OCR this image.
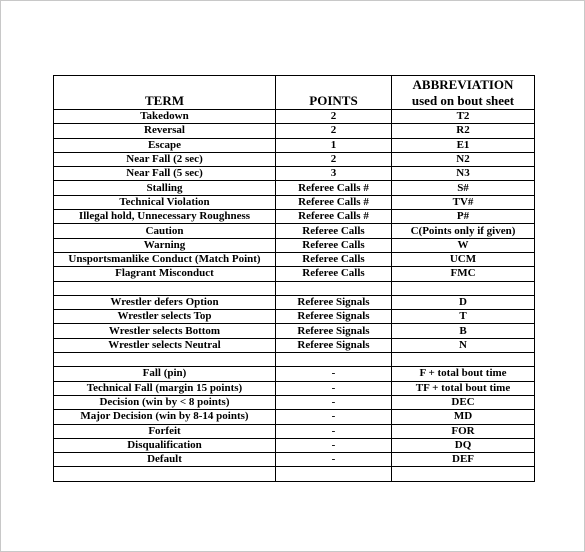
TERM	POINTS	ABBREVIATION
used on bout sheet

Takedown	2	T2
Reversal	2	R2
Escape	1	E1
Near Fall (2 sec)	2	N2
Near Fall (5 sec)	3	N3
Stalling	Referee Calls #	S#
Technical Violation	Referee Calls #	TV#
Illegal hold, Unnecessary Roughness	Referee Calls #	P#
Caution	Referee Calls	C(Points only if given)
Warning	Referee Calls	W
Unsportsmanlike Conduct (Match Point)	Referee Calls	UCM
Flagrant Misconduct	Referee Calls	FMC

Wrestler defers Option	Referee Signals	D
Wrestler selects Top	Referee Signals	T
Wrestler selects Bottom	Referee Signals	B
Wrestler selects Neutral	Referee Signals	N

Fall (pin)	-	F + total bout time
Technical Fall (margin 15 points)	-	TF + total bout time
Decision (win by < 8 points)	-	DEC
Major Decision (win by 8-14 points)	-	MD
Forfeit	-	FOR
Disqualification	-	DQ
Default	-	DEF
